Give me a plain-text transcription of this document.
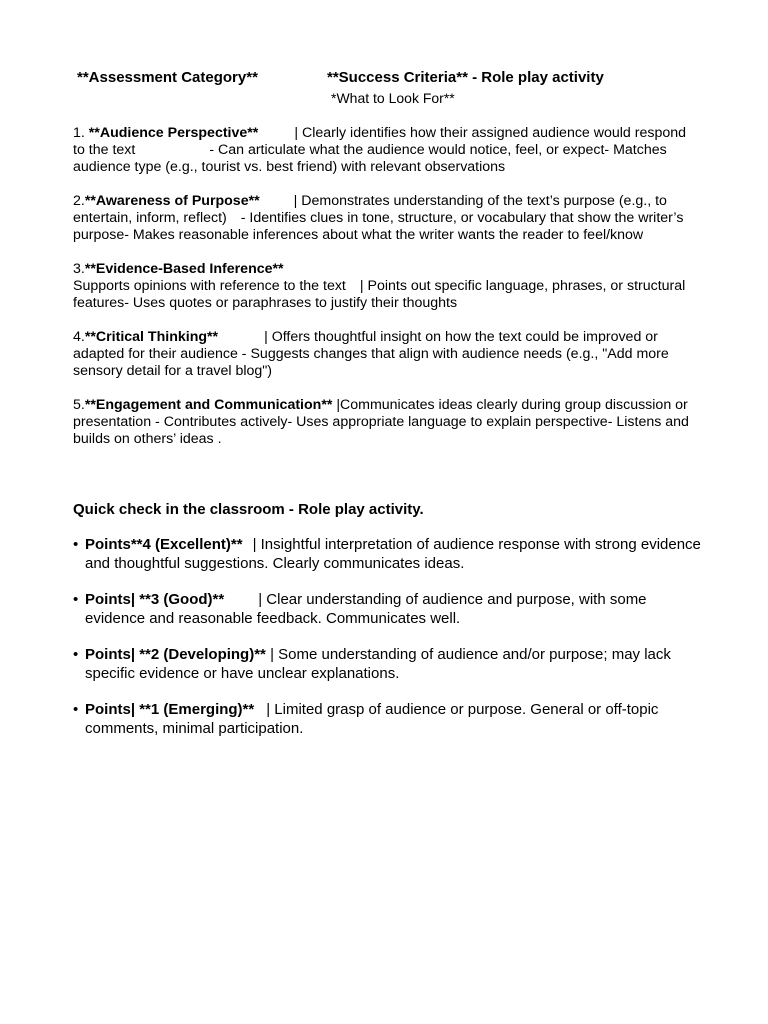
**Assessment Category**	**Success Criteria** - Role play activity
*What to Look For**

1. **Audience Perspective**	| Clearly identifies how their assigned audience would respond to the text	- Can articulate what the audience would notice, feel, or expect- Matches audience type (e.g., tourist vs. best friend) with relevant observations

2.**Awareness of Purpose** | Demonstrates understanding of the text’s purpose (e.g., to entertain, inform, reflect) - Identifies clues in tone, structure, or vocabulary that show the writer’s purpose- Makes reasonable inferences about what the writer wants the reader to feel/know

3.**Evidence-Based Inference**
Supports opinions with reference to the text | Points out specific language, phrases, or structural features- Uses quotes or paraphrases to justify their thoughts

4.**Critical Thinking**	| Offers thoughtful insight on how the text could be improved or adapted for their audience - Suggests changes that align with audience needs (e.g., "Add more sensory detail for a travel blog")

5.**Engagement and Communication** |Communicates ideas clearly during group discussion or presentation - Contributes actively- Uses appropriate language to explain perspective- Listens and builds on others’ ideas .

Quick check in the classroom - Role play activity.
• Points**4 (Excellent)** | Insightful interpretation of audience response with strong evidence and thoughtful suggestions. Clearly communicates ideas.
• Points| **3 (Good)** | Clear understanding of audience and purpose, with some evidence and reasonable feedback. Communicates well.
• Points| **2 (Developing)** | Some understanding of audience and/or purpose; may lack specific evidence or have unclear explanations.
• Points| **1 (Emerging)** | Limited grasp of audience or purpose. General or off-topic comments, minimal participation.
